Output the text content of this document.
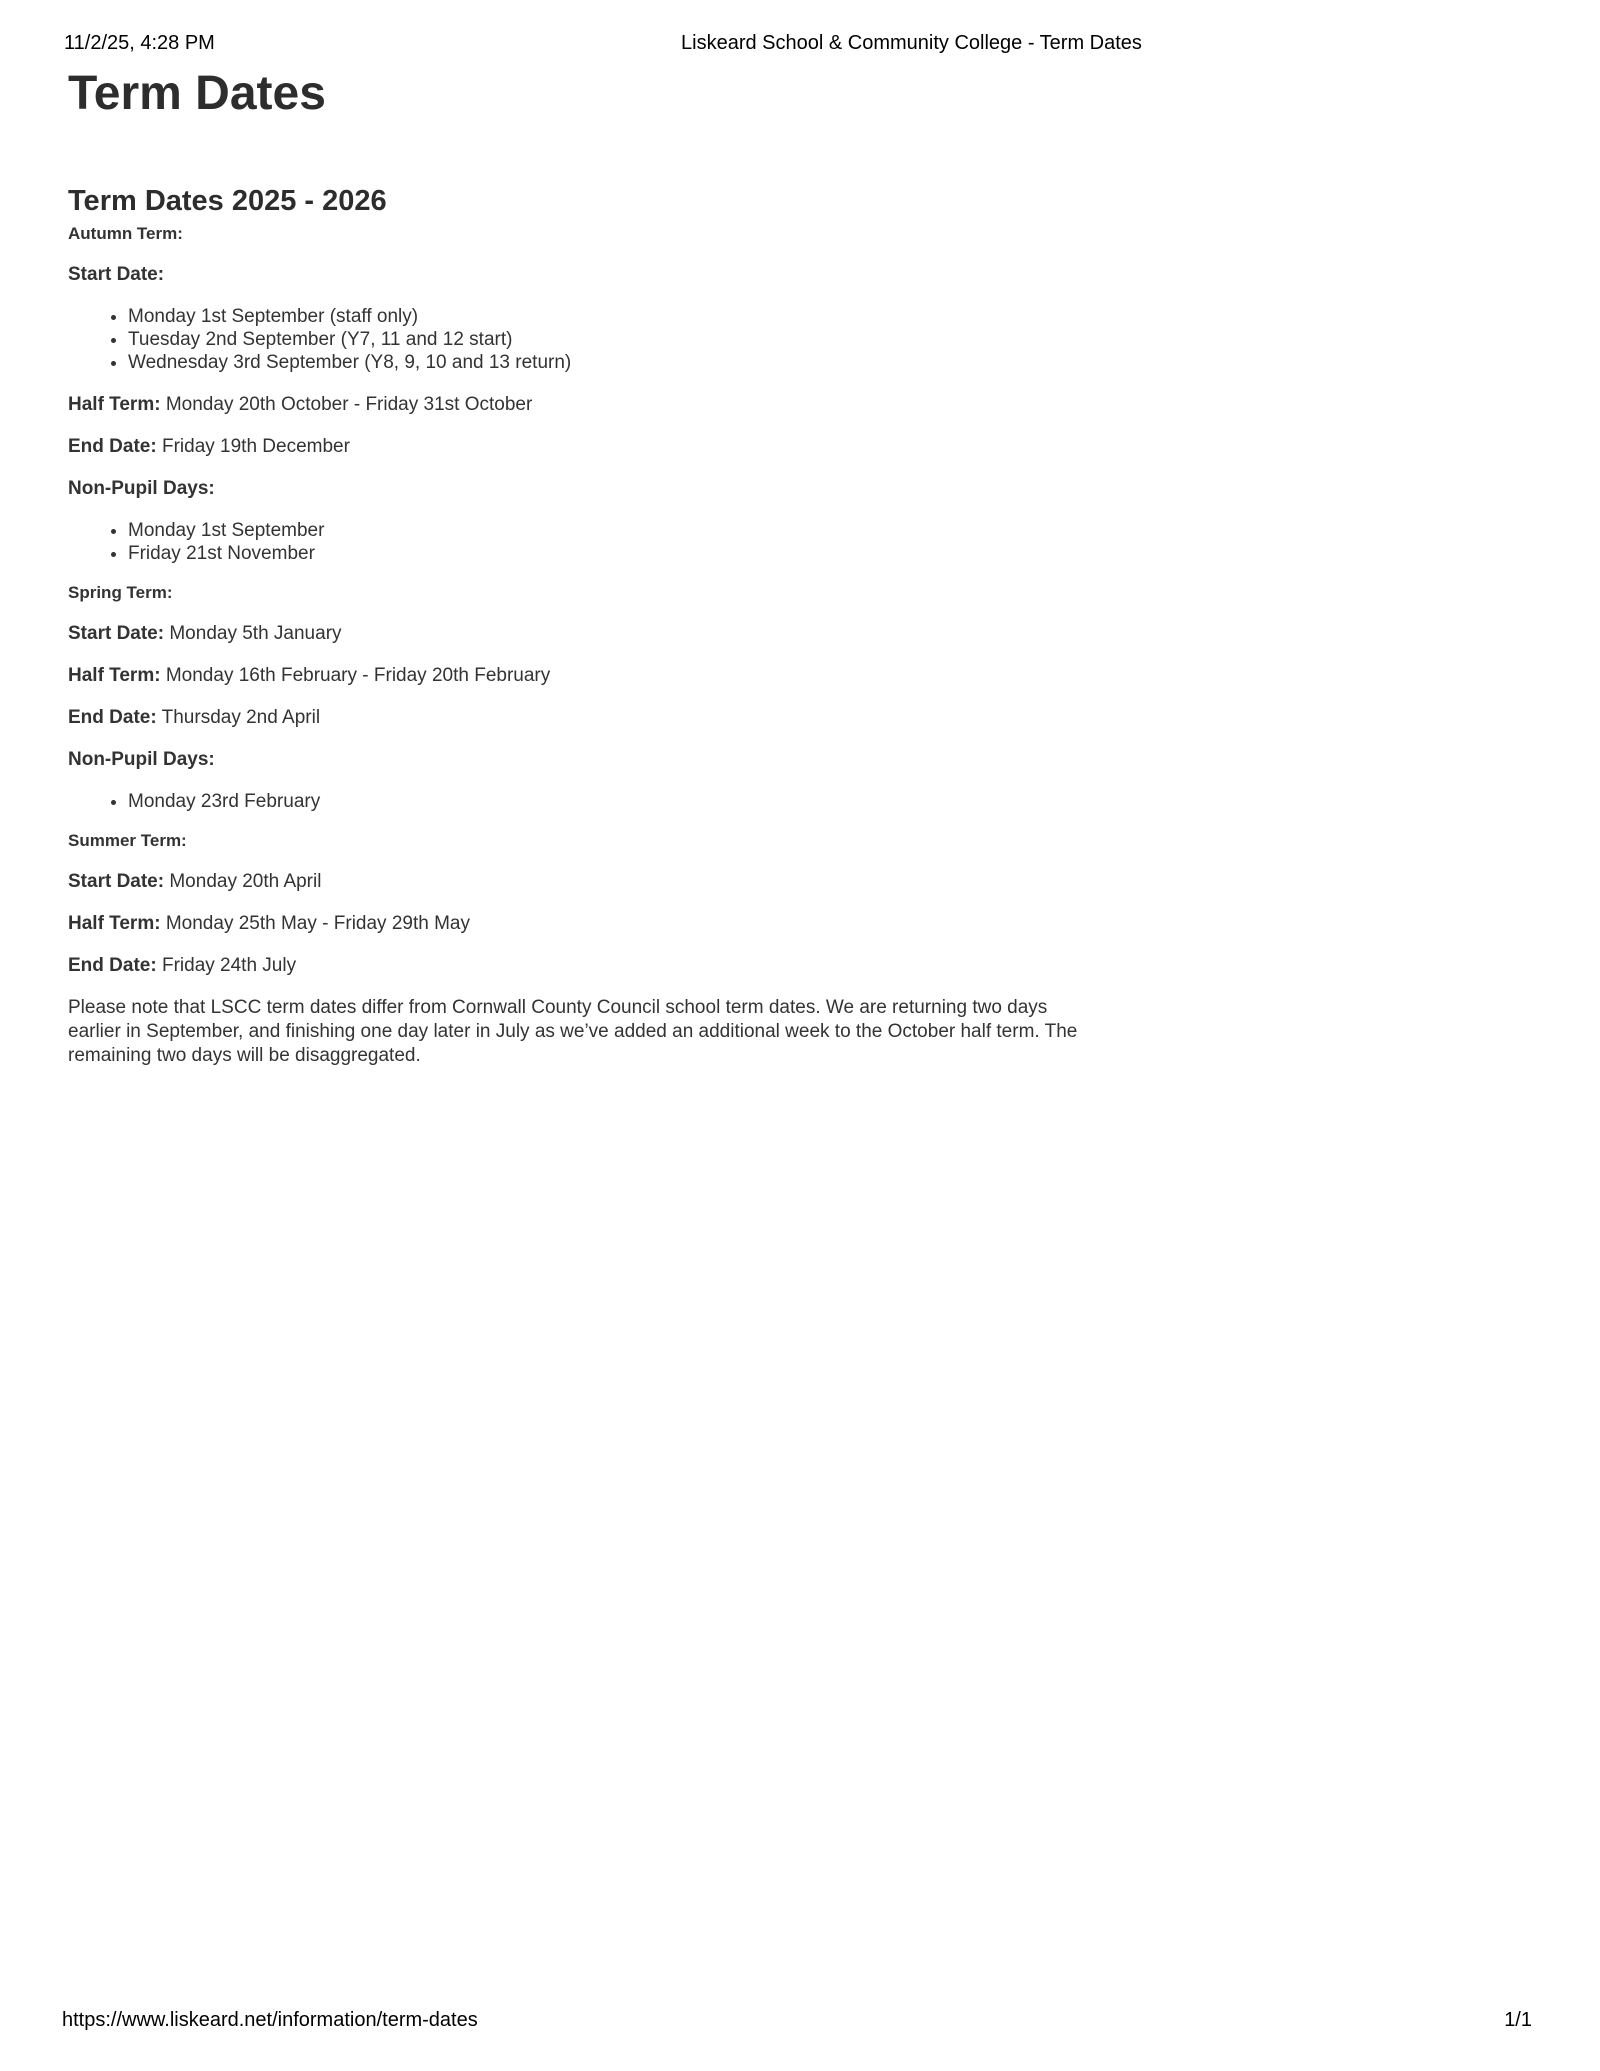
11/2/25, 4:28 PM	Liskeard School & Community College - Term Dates
Term Dates
Term Dates 2025 - 2026
Autumn Term:

Start Date:

• Monday 1st September (staff only)
• Tuesday 2nd September (Y7, 11 and 12 start)
• Wednesday 3rd September (Y8, 9, 10 and 13 return)

Half Term: Monday 20th October - Friday 31st October

End Date: Friday 19th December

Non-Pupil Days:

• Monday 1st September
• Friday 21st November
Spring Term:

Start Date: Monday 5th January

Half Term: Monday 16th February - Friday 20th February

End Date: Thursday 2nd April

Non-Pupil Days:

• Monday 23rd February
Summer Term:

Start Date: Monday 20th April

Half Term: Monday 25th May - Friday 29th May

End Date: Friday 24th July

Please note that LSCC term dates differ from Cornwall County Council school term dates. We are returning two days
earlier in September, and finishing one day later in July as we’ve added an additional week to the October half term. The
remaining two days will be disaggregated.
https://www.liskeard.net/information/term-dates	1/1
